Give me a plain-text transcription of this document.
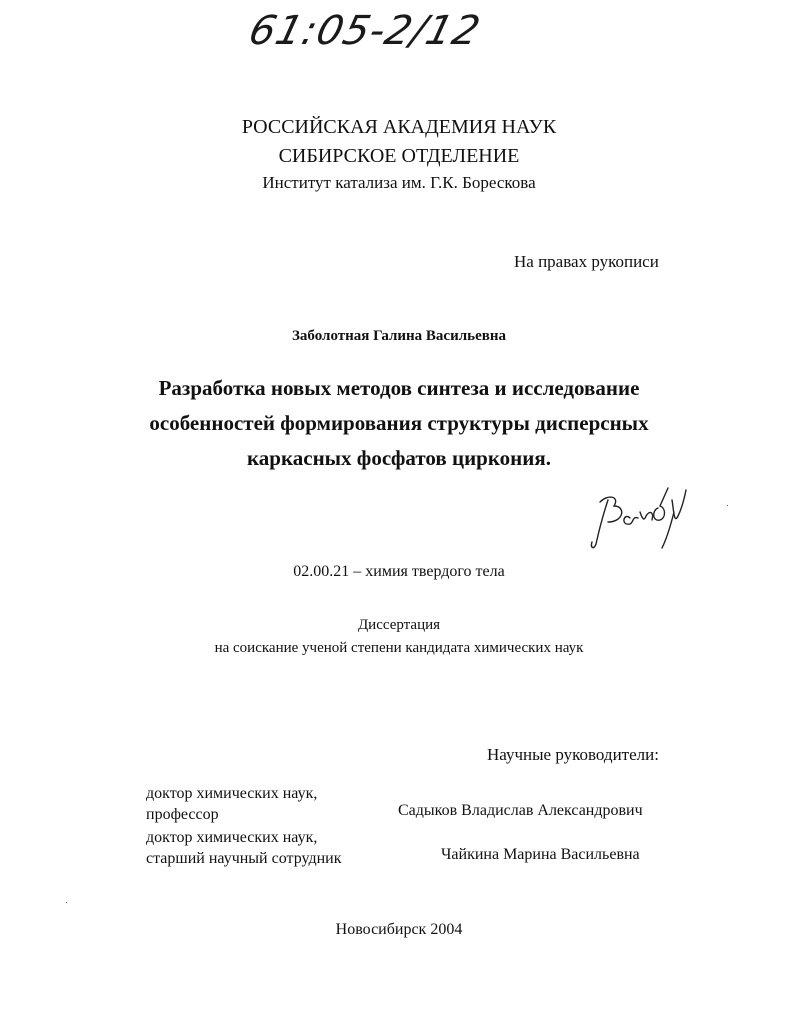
61:05-2/12
РОССИЙСКАЯ АКАДЕМИЯ НАУК
СИБИРСКОЕ ОТДЕЛЕНИЕ
Институт катализа им. Г.К. Борескова
На правах рукописи
Заболотная Галина Васильевна
Разработка новых методов синтеза и исследование
особенностей формирования структуры дисперсных
каркасных фосфатов циркония.
02.00.21 – химия твердого тела
Диссертация
на соискание ученой степени кандидата химических наук
Научные руководители:
доктор химических наук,
профессор	Садыков Владислав Александрович
доктор химических наук,
старший научный сотрудник	Чайкина Марина Васильевна
Новосибирск 2004
